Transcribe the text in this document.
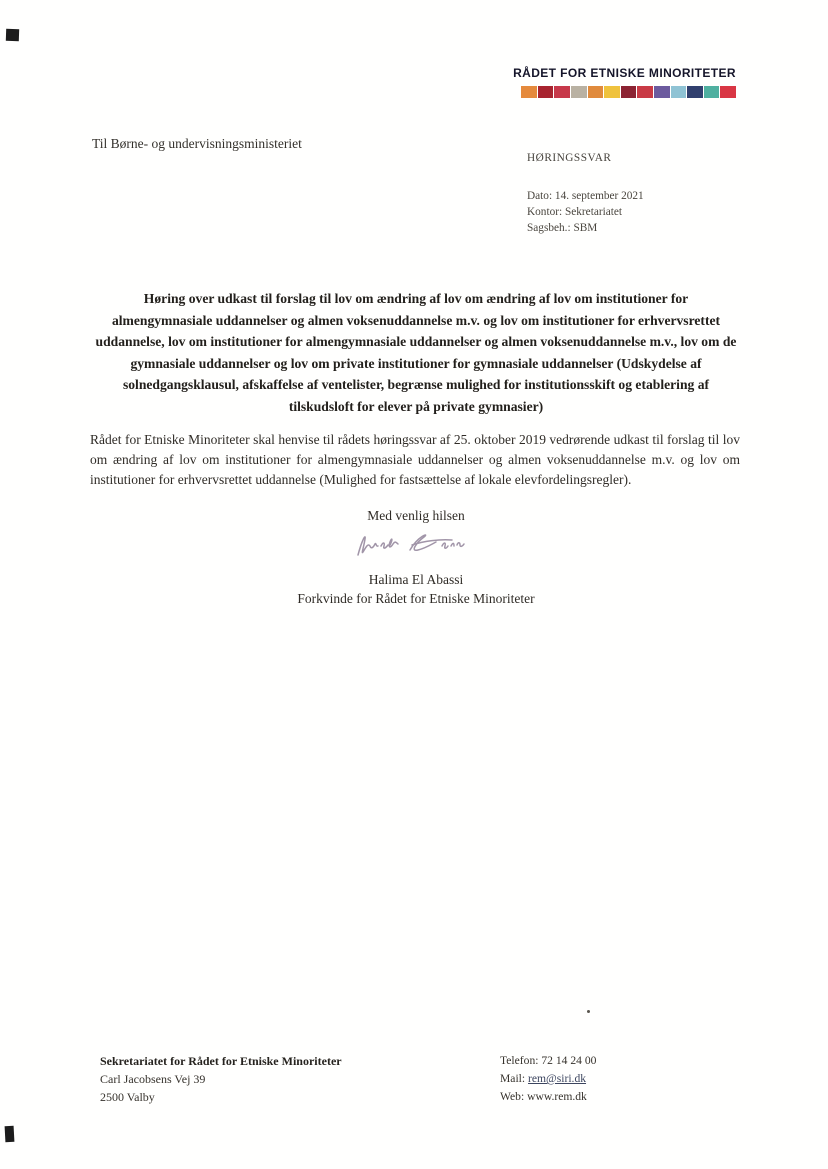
RÅDET FOR ETNISKE MINORITETER
Til Børne- og undervisningsministeriet
HØRINGSSVAR
Dato: 14. september 2021
Kontor: Sekretariatet
Sagsbeh.: SBM
Høring over udkast til forslag til lov om ændring af lov om ændring af lov om institutioner for almengymnasiale uddannelser og almen voksenuddannelse m.v. og lov om institutioner for erhvervsrettet uddannelse, lov om institutioner for almengymnasiale uddannelser og almen voksenuddannelse m.v., lov om de gymnasiale uddannelser og lov om private institutioner for gymnasiale uddannelser (Udskydelse af solnedgangsklausul, afskaffelse af ventelister, begrænse mulighed for institutionsskift og etablering af tilskudsloft for elever på private gymnasier)
Rådet for Etniske Minoriteter skal henvise til rådets høringssvar af 25. oktober 2019 vedrørende udkast til forslag til lov om ændring af lov om institutioner for almengymnasiale uddannelser og almen voksenuddannelse m.v. og lov om institutioner for erhvervsrettet uddannelse (Mulighed for fastsættelse af lokale elevfordelingsregler).
Med venlig hilsen
Halima El Abassi
Forkvinde for Rådet for Etniske Minoriteter
Sekretariatet for Rådet for Etniske Minoriteter
Carl Jacobsens Vej 39
2500 Valby
Telefon: 72 14 24 00
Mail: rem@siri.dk
Web: www.rem.dk
